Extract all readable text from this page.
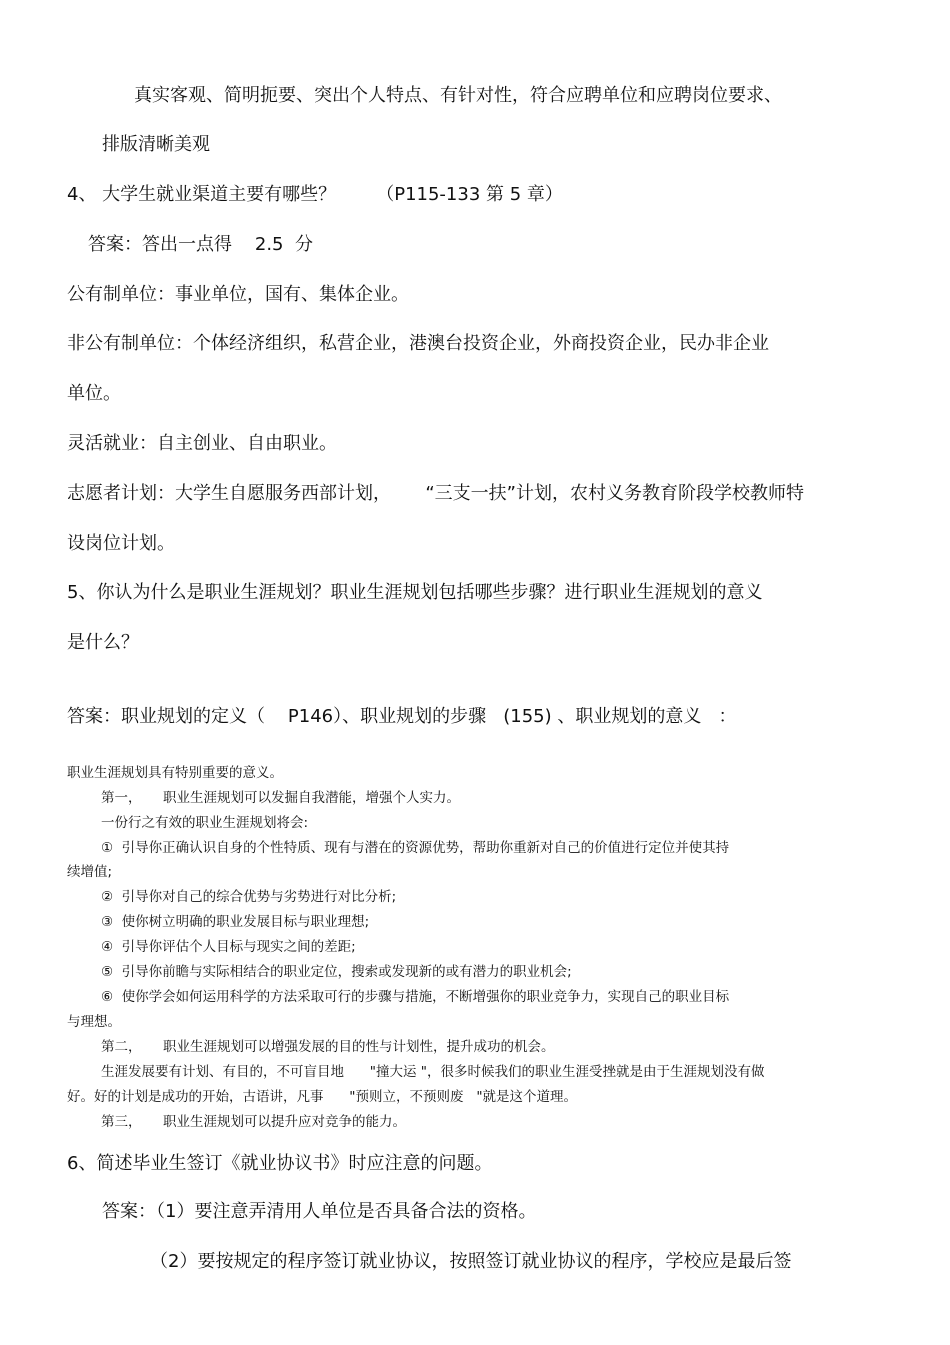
真实客观、简明扼要、突出个人特点、有针对性，符合应聘单位和应聘岗位要求、
排版清晰美观
4、 大学生就业渠道主要有哪些？       （P115-133 第 5 章）
答案：答出一点得    2.5  分
公有制单位：事业单位，国有、集体企业。
非公有制单位：个体经济组织，私营企业，港澳台投资企业，外商投资企业，民办非企业
单位。
灵活就业：自主创业、自由职业。
志愿者计划：大学生自愿服务西部计划，      “三支一扶”计划，农村义务教育阶段学校教师特
设岗位计划。
5、你认为什么是职业生涯规划？职业生涯规划包括哪些步骤？进行职业生涯规划的意义
是什么？
答案：职业规划的定义（    P146）、职业规划的步骤   (155) 、职业规划的意义   ：
职业生涯规划具有特别重要的意义。
第一，     职业生涯规划可以发掘自我潜能，增强个人实力。
一份行之有效的职业生涯规划将会:
①  引导你正确认识自身的个性特质、现有与潜在的资源优势，帮助你重新对自己的价值进行定位并使其持
续增值;
②  引导你对自己的综合优势与劣势进行对比分析;
③  使你树立明确的职业发展目标与职业理想;
④  引导你评估个人目标与现实之间的差距;
⑤  引导你前瞻与实际相结合的职业定位，搜索或发现新的或有潜力的职业机会;
⑥  使你学会如何运用科学的方法采取可行的步骤与措施，不断增强你的职业竞争力，实现自己的职业目标
与理想。
第二，     职业生涯规划可以增强发展的目的性与计划性，提升成功的机会。
生涯发展要有计划、有目的，不可盲目地      "撞大运 "，很多时候我们的职业生涯受挫就是由于生涯规划没有做
好。好的计划是成功的开始，古语讲，凡事      "预则立，不预则废   "就是这个道理。
第三，     职业生涯规划可以提升应对竞争的能力。
6、简述毕业生签订《就业协议书》时应注意的问题。
答案：（1）要注意弄清用人单位是否具备合法的资格。
（2）要按规定的程序签订就业协议，按照签订就业协议的程序，学校应是最后签
